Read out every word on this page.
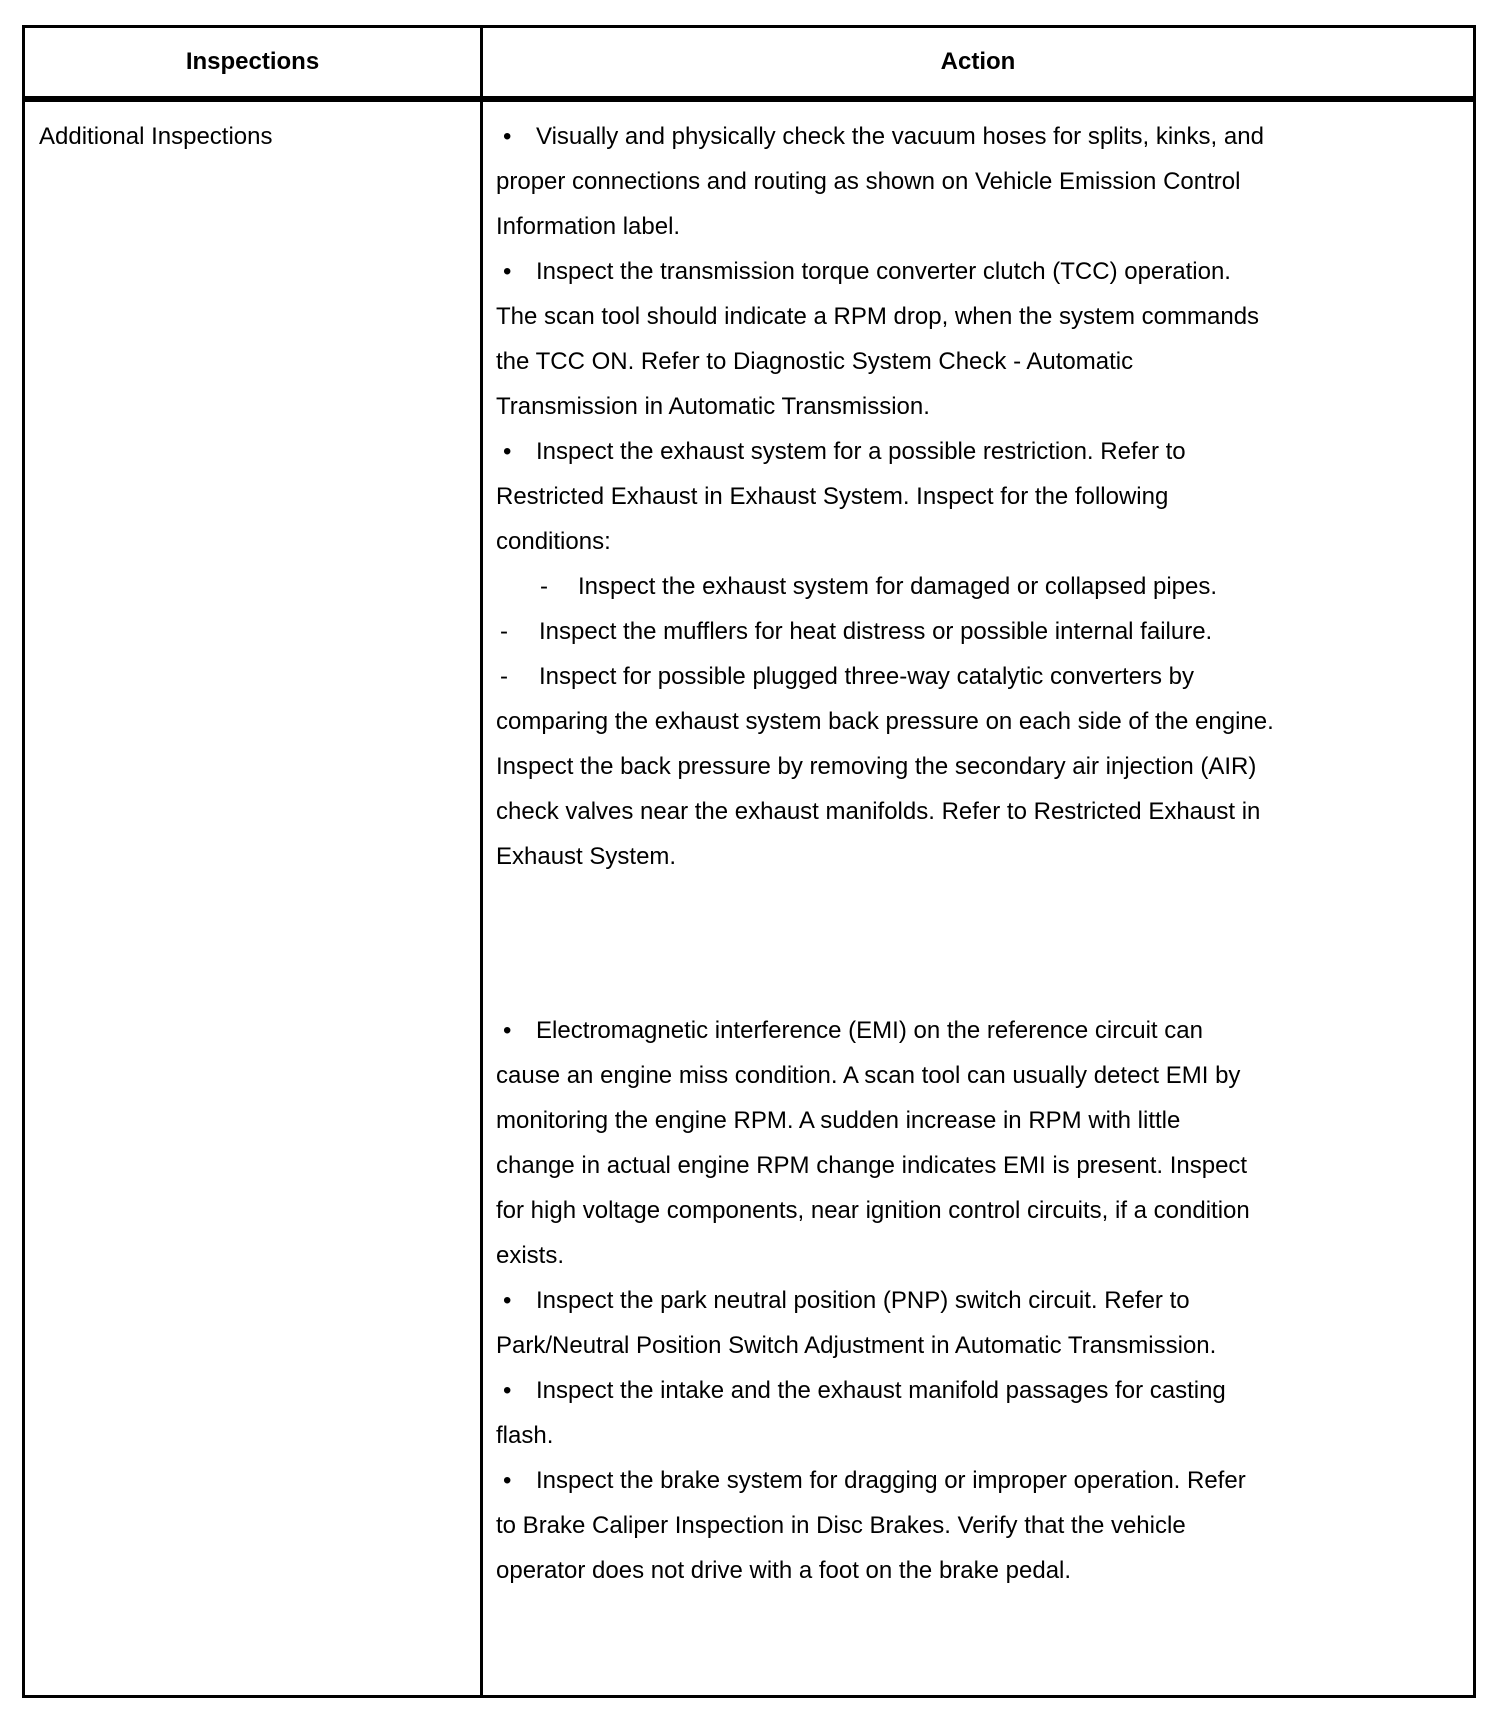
Inspections	Action
Additional Inspections	• Visually and physically check the vacuum hoses for splits, kinks, and
proper connections and routing as shown on Vehicle Emission Control
Information label.
• Inspect the transmission torque converter clutch (TCC) operation.
The scan tool should indicate a RPM drop, when the system commands
the TCC ON. Refer to Diagnostic System Check - Automatic
Transmission in Automatic Transmission.
• Inspect the exhaust system for a possible restriction. Refer to
Restricted Exhaust in Exhaust System. Inspect for the following
conditions:
- Inspect the exhaust system for damaged or collapsed pipes.
- Inspect the mufflers for heat distress or possible internal failure.
- Inspect for possible plugged three-way catalytic converters by
comparing the exhaust system back pressure on each side of the engine.
Inspect the back pressure by removing the secondary air injection (AIR)
check valves near the exhaust manifolds. Refer to Restricted Exhaust in
Exhaust System.
• Electromagnetic interference (EMI) on the reference circuit can
cause an engine miss condition. A scan tool can usually detect EMI by
monitoring the engine RPM. A sudden increase in RPM with little
change in actual engine RPM change indicates EMI is present. Inspect
for high voltage components, near ignition control circuits, if a condition
exists.
• Inspect the park neutral position (PNP) switch circuit. Refer to
Park/Neutral Position Switch Adjustment in Automatic Transmission.
• Inspect the intake and the exhaust manifold passages for casting
flash.
• Inspect the brake system for dragging or improper operation. Refer
to Brake Caliper Inspection in Disc Brakes. Verify that the vehicle
operator does not drive with a foot on the brake pedal.
